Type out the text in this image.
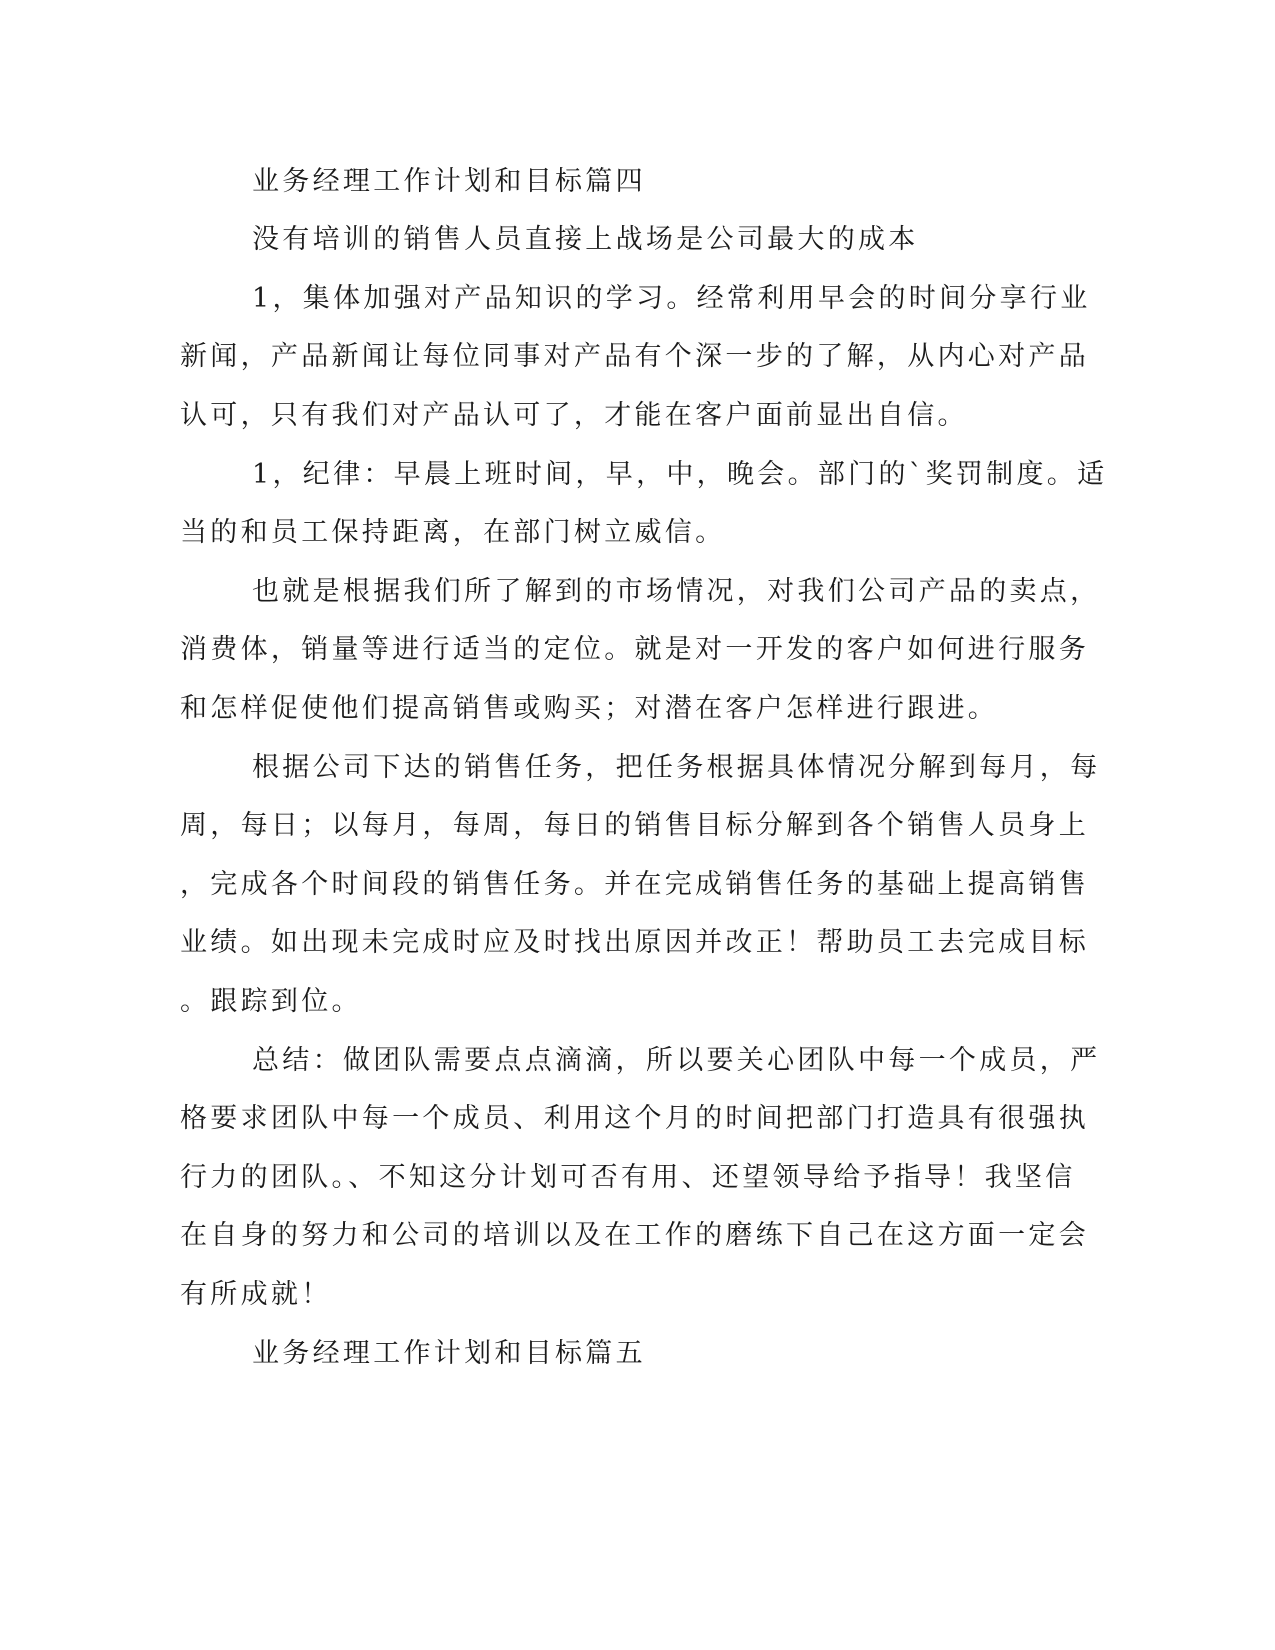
业务经理工作计划和目标篇四
没有培训的销售人员直接上战场是公司最大的成本
1，集体加强对产品知识的学习。经常利用早会的时间分享行业
新闻，产品新闻让每位同事对产品有个深一步的了解，从内心对产品
认可，只有我们对产品认可了，才能在客户面前显出自信。
1，纪律：早晨上班时间，早，中，晚会。部门的`奖罚制度。适
当的和员工保持距离，在部门树立威信。
也就是根据我们所了解到的市场情况，对我们公司产品的卖点，
消费体，销量等进行适当的定位。就是对一开发的客户如何进行服务
和怎样促使他们提高销售或购买；对潜在客户怎样进行跟进。
根据公司下达的销售任务，把任务根据具体情况分解到每月，每
周，每日；以每月，每周，每日的销售目标分解到各个销售人员身上
，完成各个时间段的销售任务。并在完成销售任务的基础上提高销售
业绩。如出现未完成时应及时找出原因并改正！帮助员工去完成目标
。跟踪到位。
总结：做团队需要点点滴滴，所以要关心团队中每一个成员，严
格要求团队中每一个成员、利用这个月的时间把部门打造具有很强执
行力的团队。、不知这分计划可否有用、还望领导给予指导！我坚信
在自身的努力和公司的培训以及在工作的磨练下自己在这方面一定会
有所成就！
业务经理工作计划和目标篇五
